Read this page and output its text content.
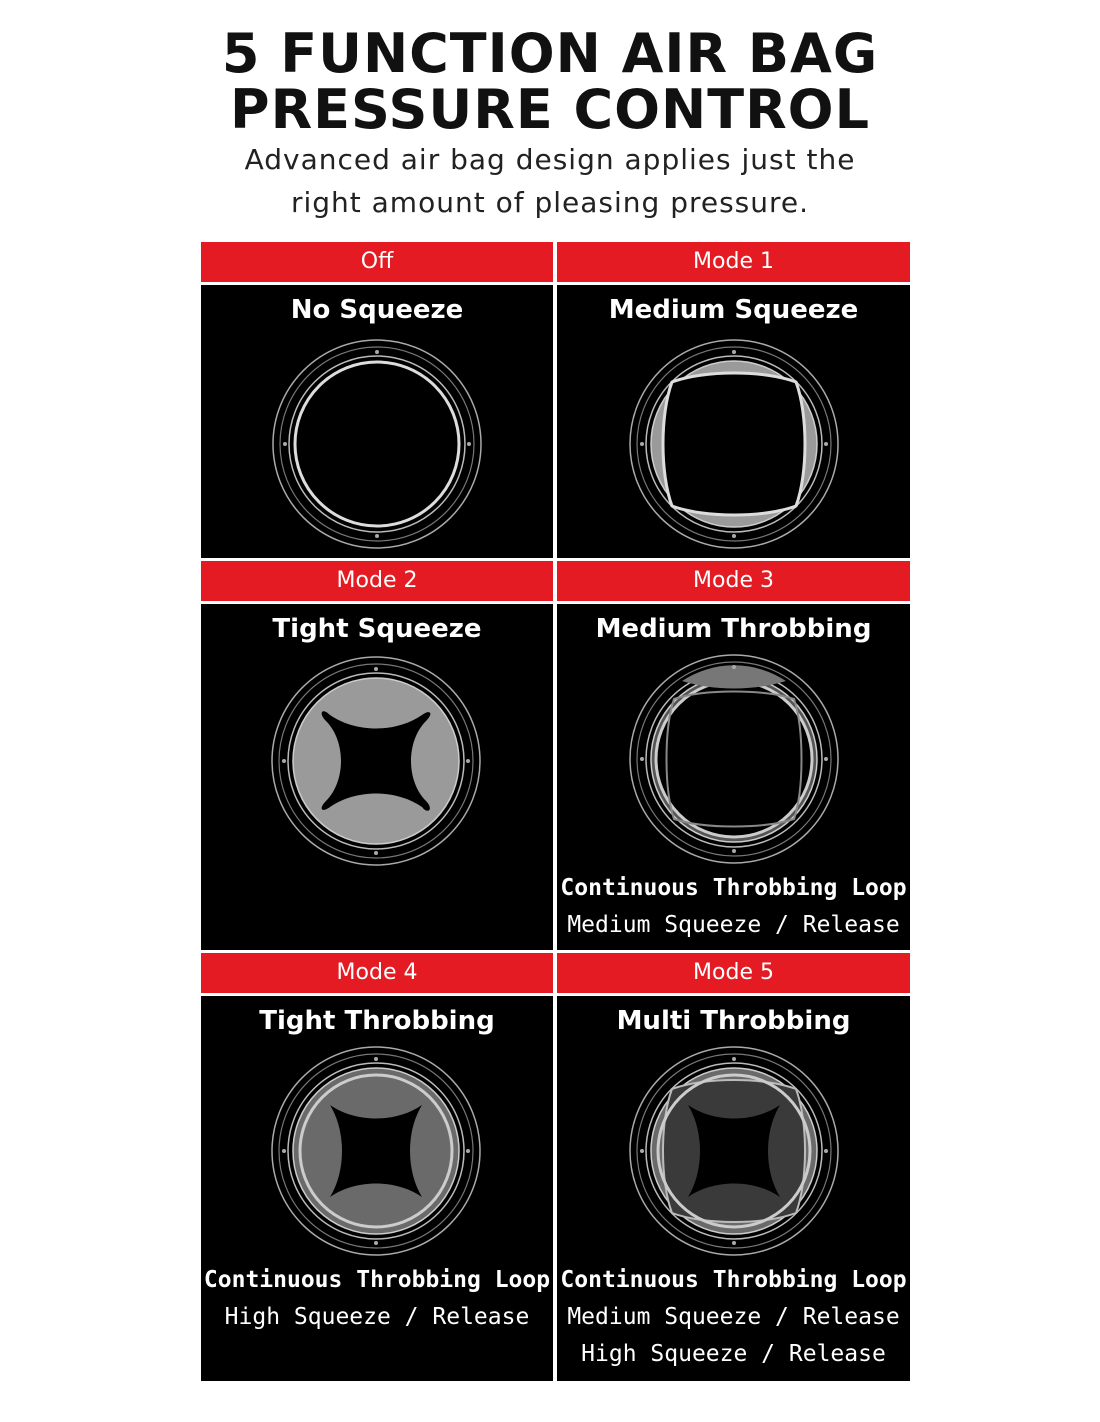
5 FUNCTION AIR BAG
PRESSURE CONTROL
Advanced air bag design applies just the
right amount of pleasing pressure.
Off	Mode 1
No Squeeze	Medium Squeeze
Mode 2	Mode 3
Tight Squeeze	Medium Throbbing
Continuous Throbbing Loop
Medium Squeeze / Release
Mode 4	Mode 5
Tight Throbbing
Continuous Throbbing Loop
High Squeeze / Release
Multi Throbbing
Continuous Throbbing Loop
Medium Squeeze / Release
High Squeeze / Release
